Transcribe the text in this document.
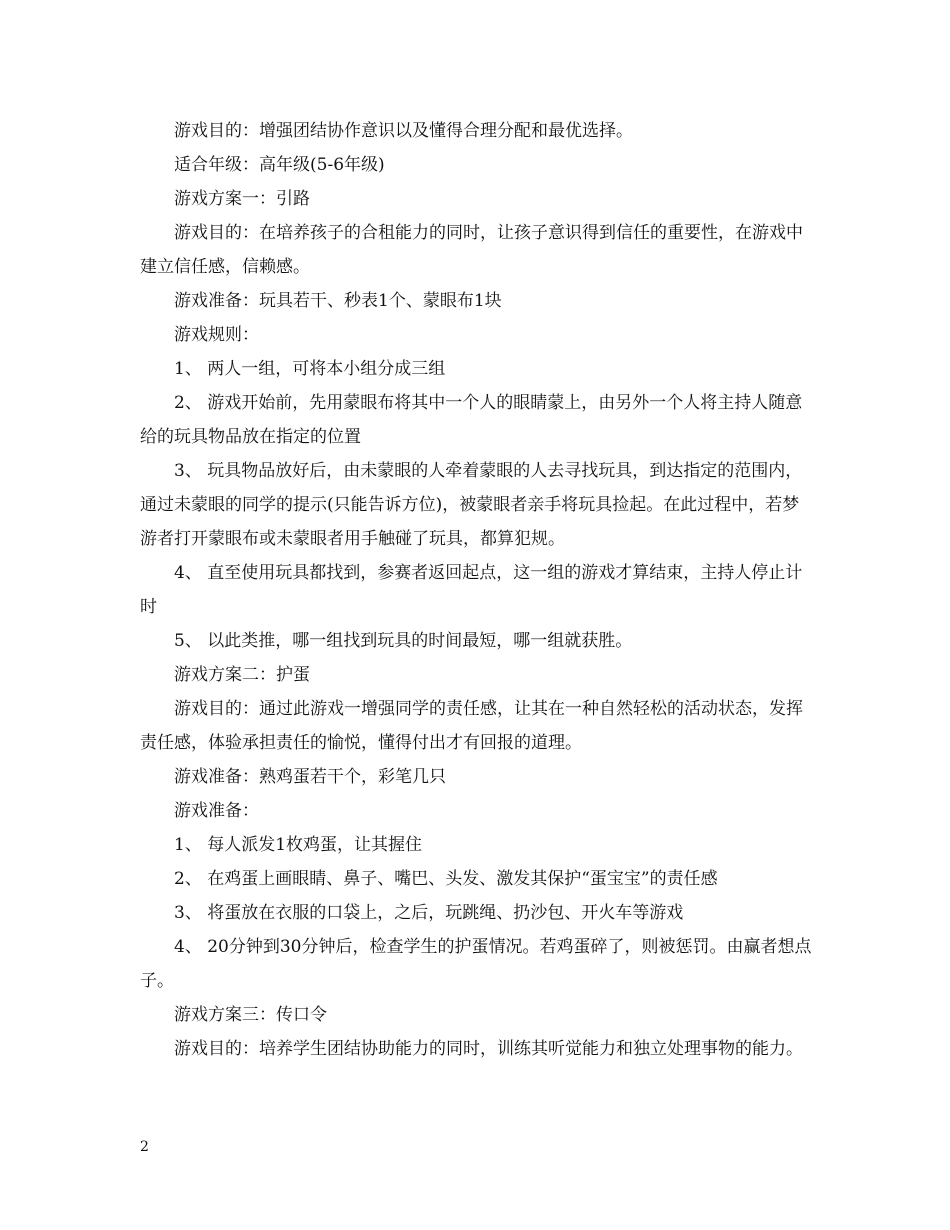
游戏目的：增强团结协作意识以及懂得合理分配和最优选择。

适合年级：高年级(5-6年级)

游戏方案一：引路

游戏目的：在培养孩子的合租能力的同时，让孩子意识得到信任的重要性，在游戏中建立信任感，信赖感。

游戏准备：玩具若干、秒表1个、蒙眼布1块

游戏规则：

1、 两人一组，可将本小组分成三组

2、 游戏开始前，先用蒙眼布将其中一个人的眼睛蒙上，由另外一个人将主持人随意给的玩具物品放在指定的位置

3、 玩具物品放好后，由未蒙眼的人牵着蒙眼的人去寻找玩具，到达指定的范围内，通过未蒙眼的同学的提示(只能告诉方位)，被蒙眼者亲手将玩具捡起。在此过程中，若梦游者打开蒙眼布或未蒙眼者用手触碰了玩具，都算犯规。

4、 直至使用玩具都找到，参赛者返回起点，这一组的游戏才算结束，主持人停止计时

5、 以此类推，哪一组找到玩具的时间最短，哪一组就获胜。

游戏方案二：护蛋

游戏目的：通过此游戏一增强同学的责任感，让其在一种自然轻松的活动状态，发挥责任感，体验承担责任的愉悦，懂得付出才有回报的道理。

游戏准备：熟鸡蛋若干个，彩笔几只

游戏准备：

1、 每人派发1枚鸡蛋，让其握住

2、 在鸡蛋上画眼睛、鼻子、嘴巴、头发、激发其保护“蛋宝宝”的责任感

3、 将蛋放在衣服的口袋上，之后，玩跳绳、扔沙包、开火车等游戏

4、 20分钟到30分钟后，检查学生的护蛋情况。若鸡蛋碎了，则被惩罚。由赢者想点子。

游戏方案三：传口令

游戏目的：培养学生团结协助能力的同时，训练其听觉能力和独立处理事物的能力。

2
